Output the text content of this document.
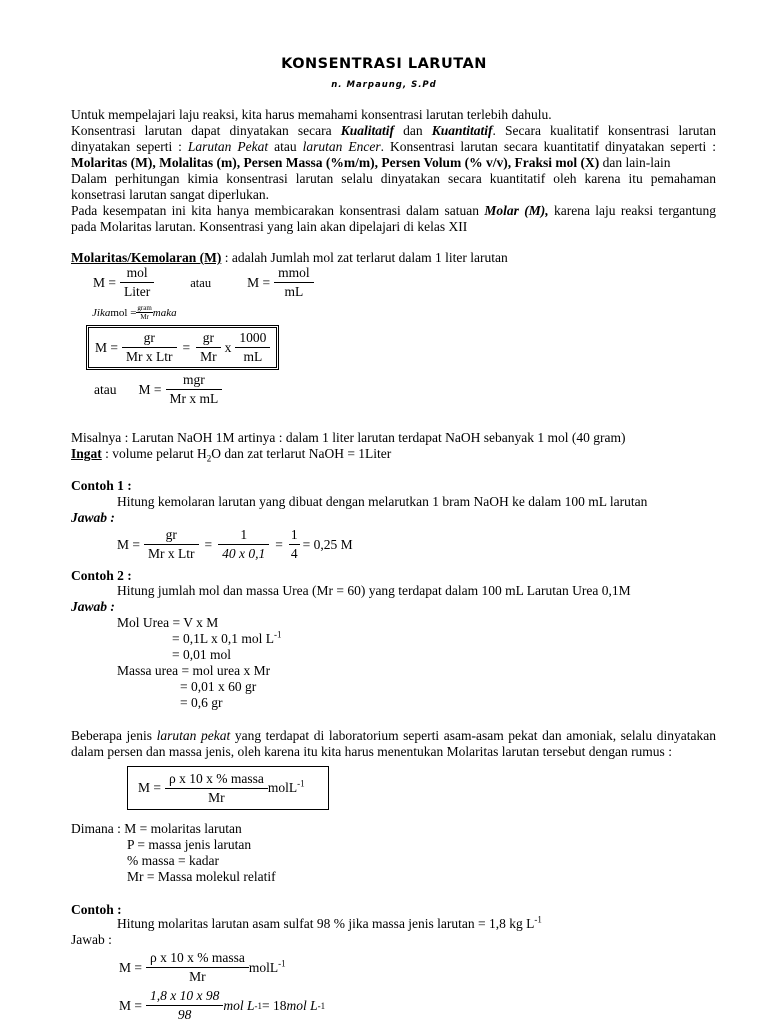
KONSENTRASI LARUTAN
n. Marpaung, S.Pd
Untuk mempelajari laju reaksi, kita harus memahami konsentrasi larutan terlebih dahulu.
Konsentrasi larutan dapat dinyatakan secara Kualitatif dan Kuantitatif. Secara kualitatif konsentrasi larutan
dinyatakan seperti : Larutan Pekat atau larutan Encer. Konsentrasi larutan secara kuantitatif dinyatakan seperti :
Molaritas (M), Molalitas (m), Persen Massa (%m/m), Persen Volum (% v/v), Fraksi mol (X) dan lain-lain
Dalam perhitungan kimia konsentrasi larutan selalu dinyatakan secara kuantitatif oleh karena itu pemahaman
konsetrasi larutan sangat diperlukan.
Pada kesempatan ini kita hanya membicarakan konsentrasi dalam satuan Molar (M), karena laju reaksi tergantung
pada Molaritas larutan. Konsentrasi yang lain akan dipelajari di kelas XII
Molaritas/Kemolaran (M) : adalah Jumlah mol zat terlarut dalam 1 liter larutan
$M = \frac{\text{mol}}{\text{Liter}}$	atau	$M = \frac{\text{mmol}}{mL}$
Jika mol = $\frac{\text{gram}}{Mr}$ maka
$M = \frac{gr}{\text{Mr x Ltr}} = \frac{gr}{Mr}$ x $\frac{1000}{mL}$
atau $M = \frac{\text{mgr}}{\text{Mr x mL}}$
Misalnya : Larutan NaOH 1M artinya : dalam 1 liter larutan terdapat NaOH sebanyak 1 mol (40 gram)
Ingat : volume pelarut $H_2O$ dan zat terlarut NaOH = 1Liter
Contoh 1 :
Hitung kemolaran larutan yang dibuat dengan melarutkan 1 bram NaOH ke dalam 100 mL larutan
Jawab :
$M = \frac{gr}{\text{Mr x Ltr}} = \frac{1}{40 x 0,1} = \frac{1}{4} = 0,25$ M
Contoh 2 :
Hitung jumlah mol dan massa Urea (Mr = 60) yang terdapat dalam 100 mL Larutan Urea 0,1M
Jawab :
Mol Urea = V x M
= 0,1L x 0,1 mol $L^{-1}$
= 0,01 mol
Massa urea = mol urea x Mr
= 0,01 x 60 gr
= 0,6 gr
Beberapa jenis larutan pekat yang terdapat di laboratorium seperti asam-asam pekat dan amoniak, selalu dinyatakan
dalam persen dan massa jenis, oleh karena itu kita harus menentukan Molaritas larutan tersebut dengan rumus :
$M = \frac{\text{ρ x 10 x \% massa}}{Mr}$ molL$^{-1}$
Dimana : M = molaritas larutan
P = massa jenis larutan
% massa = kadar
Mr = Massa molekul relatif
Contoh :
Hitung molaritas larutan asam sulfat 98 % jika massa jenis larutan = 1,8 kg $L^{-1}$
Jawab :
$M = \frac{\text{ρ x 10 x \% massa}}{Mr}$ molL$^{-1}$
$M = \frac{1,8 x 10 x 98}{98}$ mol L -1 = 18 mol L -1
